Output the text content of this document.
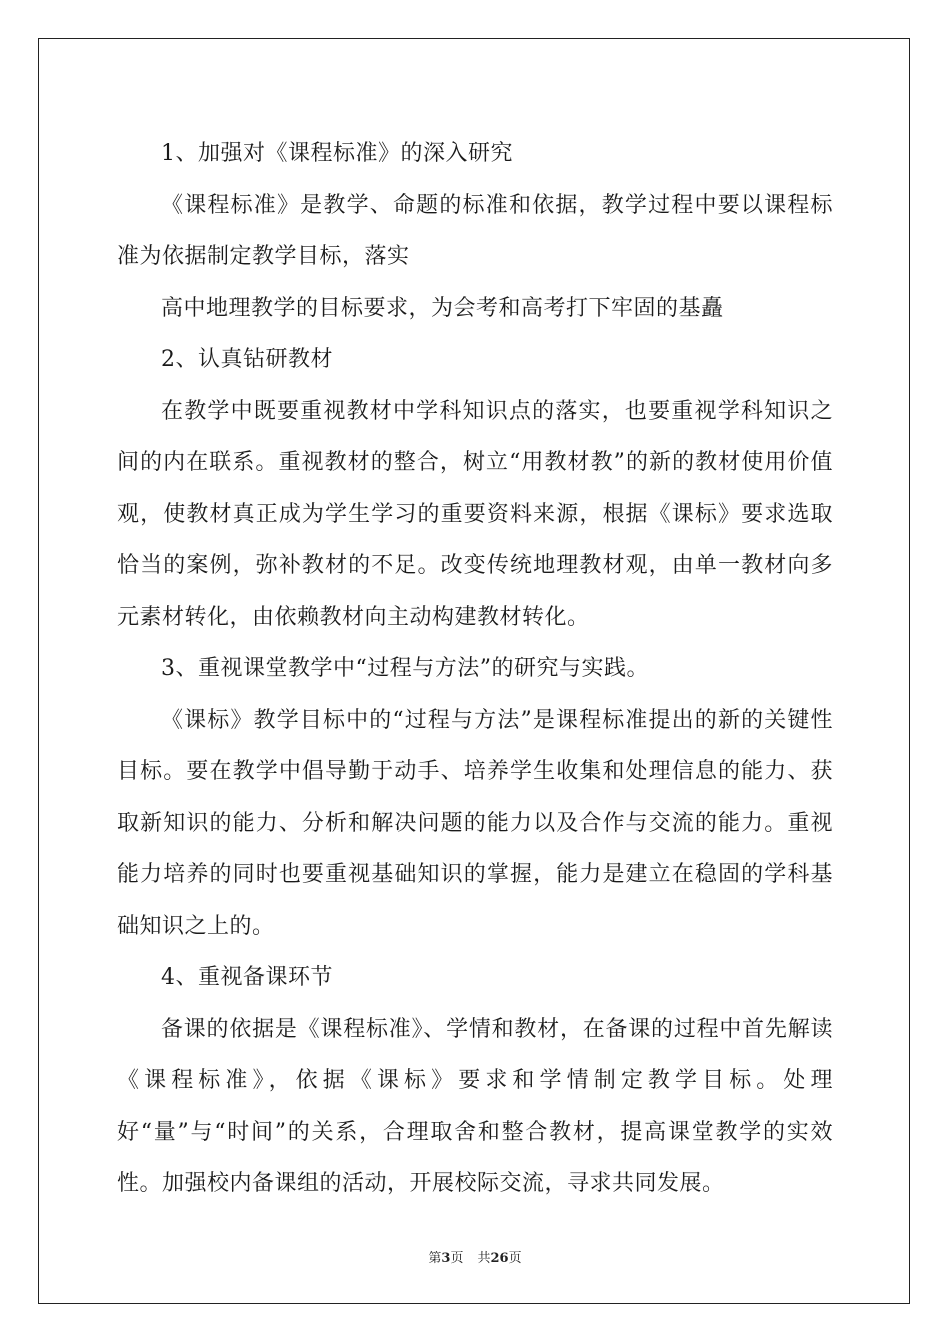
1、加强对《课程标准》的深入研究

《课程标准》是教学、命题的标准和依据，教学过程中要以课程标准为依据制定教学目标，落实

高中地理教学的目标要求，为会考和高考打下牢固的基矗

2、认真钻研教材

在教学中既要重视教材中学科知识点的落实，也要重视学科知识之间的内在联系。重视教材的整合，树立“用教材教”的新的教材使用价值观，使教材真正成为学生学习的重要资料来源，根据《课标》要求选取恰当的案例，弥补教材的不足。改变传统地理教材观，由单一教材向多元素材转化，由依赖教材向主动构建教材转化。

3、重视课堂教学中“过程与方法”的研究与实践。

《课标》教学目标中的“过程与方法”是课程标准提出的新的关键性目标。要在教学中倡导勤于动手、培养学生收集和处理信息的能力、获取新知识的能力、分析和解决问题的能力以及合作与交流的能力。重视能力培养的同时也要重视基础知识的掌握，能力是建立在稳固的学科基础知识之上的。

4、重视备课环节

备课的依据是《课程标准》、学情和教材，在备课的过程中首先解读《课程标准》，依据《课标》要求和学情制定教学目标。处理好“量”与“时间”的关系，合理取舍和整合教材，提高课堂教学的实效性。加强校内备课组的活动，开展校际交流，寻求共同发展。

第3页 共26页
